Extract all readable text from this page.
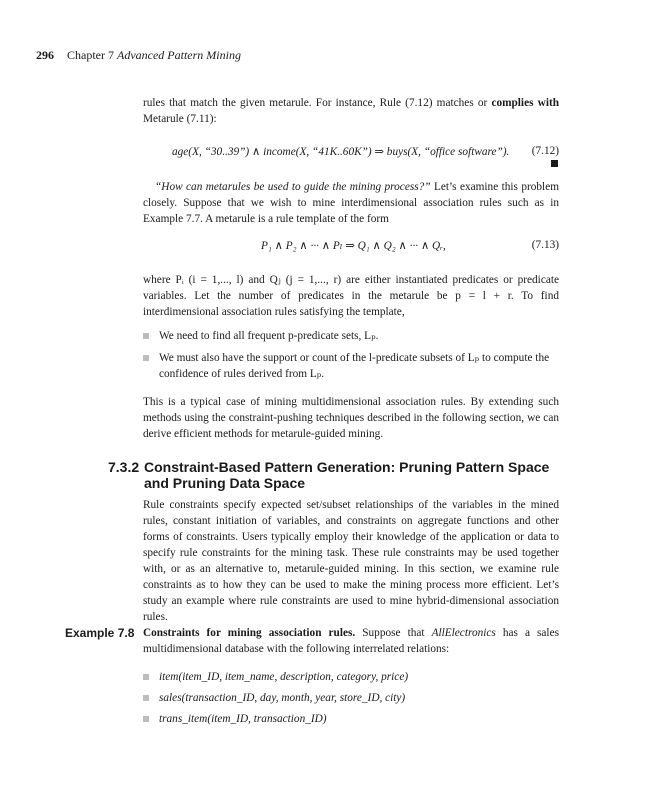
296 Chapter 7 Advanced Pattern Mining

rules that match the given metarule. For instance, Rule (7.12) matches or complies with Metarule (7.11):

age(X, “30..39”) ∧ income(X, “41K..60K”) ⇒ buys(X, “office software”). (7.12)

“How can metarules be used to guide the mining process?” Let’s examine this problem closely. Suppose that we wish to mine interdimensional association rules such as in Example 7.7. A metarule is a rule template of the form

P₁ ∧ P₂ ∧ ··· ∧ Pₗ ⇒ Q₁ ∧ Q₂ ∧ ··· ∧ Qᵣ,	(7.13)

where Pᵢ (i = 1,..., l) and Qⱼ (j = 1,..., r) are either instantiated predicates or predicate variables. Let the number of predicates in the metarule be p = l + r. To find interdimensional association rules satisfying the template,

We need to find all frequent p-predicate sets, Lₚ.
We must also have the support or count of the l-predicate subsets of Lₚ to compute the confidence of rules derived from Lₚ.

This is a typical case of mining multidimensional association rules. By extending such methods using the constraint-pushing techniques described in the following section, we can derive efficient methods for metarule-guided mining.

7.3.2 Constraint-Based Pattern Generation: Pruning Pattern Space and Pruning Data Space

Rule constraints specify expected set/subset relationships of the variables in the mined rules, constant initiation of variables, and constraints on aggregate functions and other forms of constraints. Users typically employ their knowledge of the application or data to specify rule constraints for the mining task. These rule constraints may be used together with, or as an alternative to, metarule-guided mining. In this section, we examine rule constraints as to how they can be used to make the mining process more efficient. Let’s study an example where rule constraints are used to mine hybrid-dimensional association rules.

Example 7.8 Constraints for mining association rules. Suppose that AllElectronics has a sales multidimensional database with the following interrelated relations:

item(item_ID, item_name, description, category, price)
sales(transaction_ID, day, month, year, store_ID, city)
trans_item(item_ID, transaction_ID)
